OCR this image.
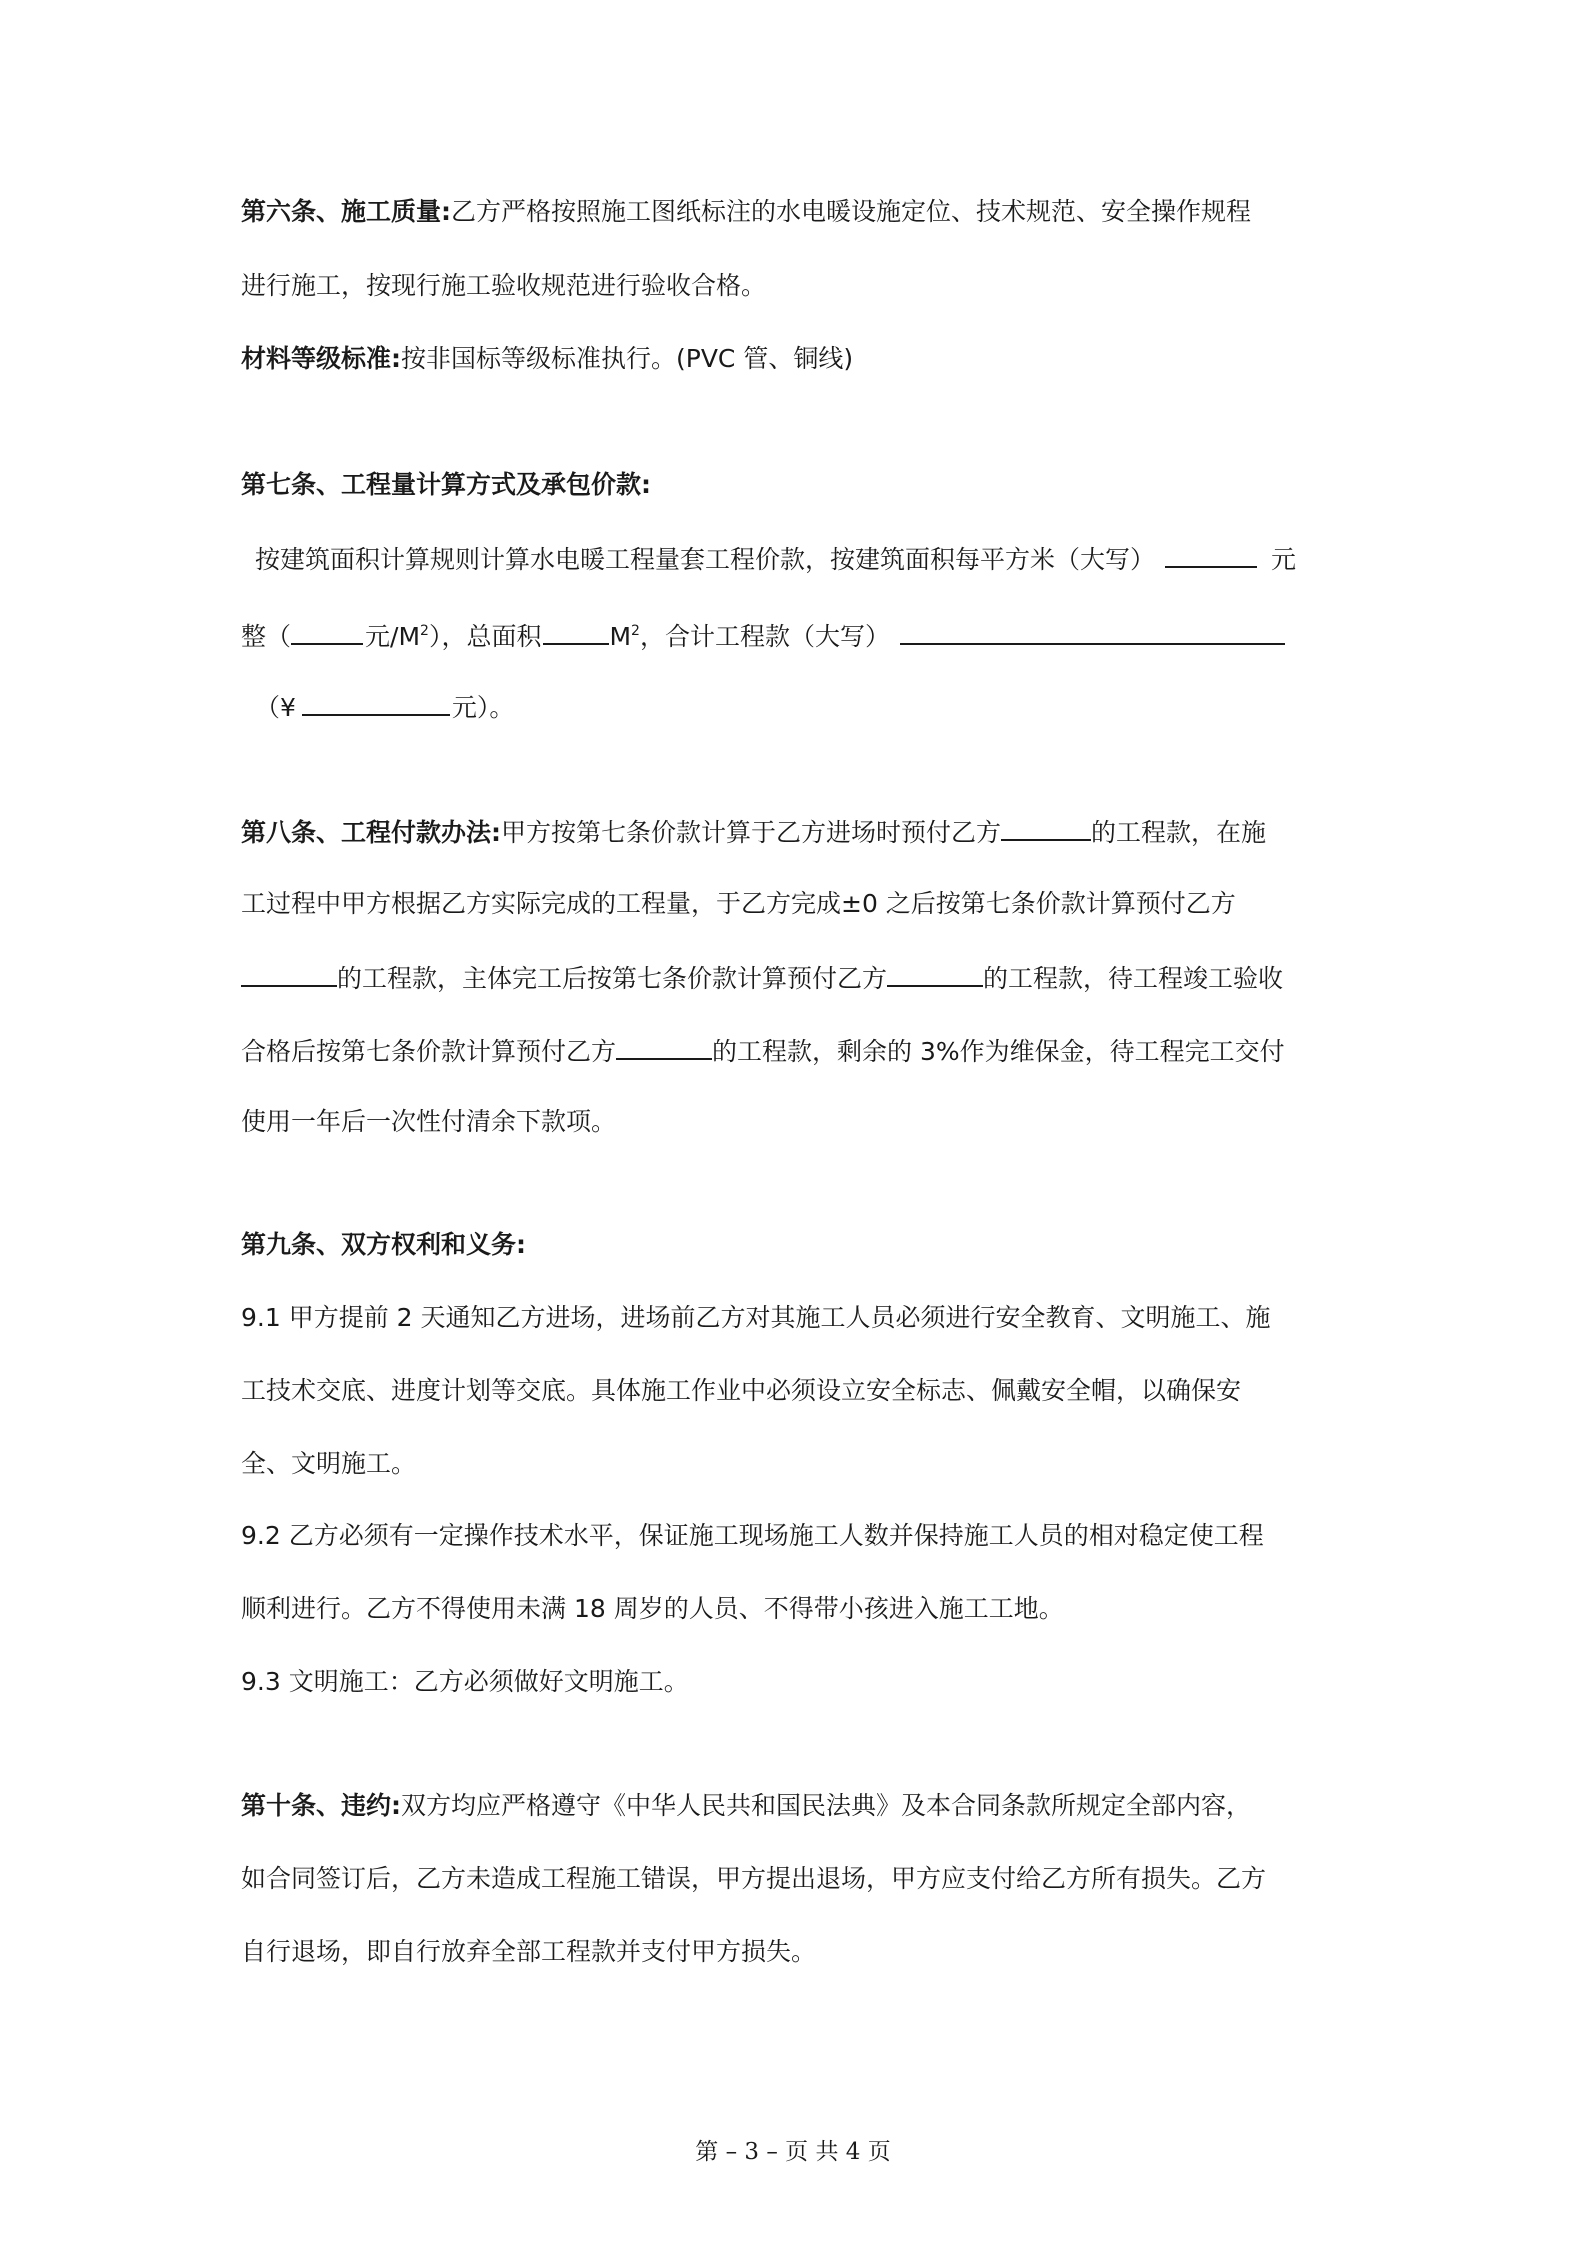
第六条、施工质量:乙方严格按照施工图纸标注的水电暖设施定位、技术规范、安全操作规程
进行施工，按现行施工验收规范进行验收合格。
材料等级标准:按非国标等级标准执行。(PVC 管、铜线)
第七条、工程量计算方式及承包价款:
按建筑面积计算规则计算水电暖工程量套工程价款，按建筑面积每平方米（大写）	元
整（	元$/M^2$），总面积	$M^2$，合计工程款（大写）
（¥	元）。
第八条、工程付款办法:甲方按第七条价款计算于乙方进场时预付乙方	的工程款，在施
工过程中甲方根据乙方实际完成的工程量，于乙方完成±0 之后按第七条价款计算预付乙方
的工程款，主体完工后按第七条价款计算预付乙方	的工程款，待工程竣工验收
合格后按第七条价款计算预付乙方	的工程款，剩余的 3%作为维保金，待工程完工交付
使用一年后一次性付清余下款项。
第九条、双方权利和义务:
9.1 甲方提前 2 天通知乙方进场，进场前乙方对其施工人员必须进行安全教育、文明施工、施
工技术交底、进度计划等交底。具体施工作业中必须设立安全标志、佩戴安全帽，以确保安
全、文明施工。
9.2 乙方必须有一定操作技术水平，保证施工现场施工人数并保持施工人员的相对稳定使工程
顺利进行。乙方不得使用未满 18 周岁的人员、不得带小孩进入施工工地。
9.3 文明施工：乙方必须做好文明施工。
第十条、违约:双方均应严格遵守《中华人民共和国民法典》及本合同条款所规定全部内容，
如合同签订后，乙方未造成工程施工错误，甲方提出退场，甲方应支付给乙方所有损失。乙方
自行退场，即自行放弃全部工程款并支付甲方损失。
第 – 3 – 页 共 4 页
